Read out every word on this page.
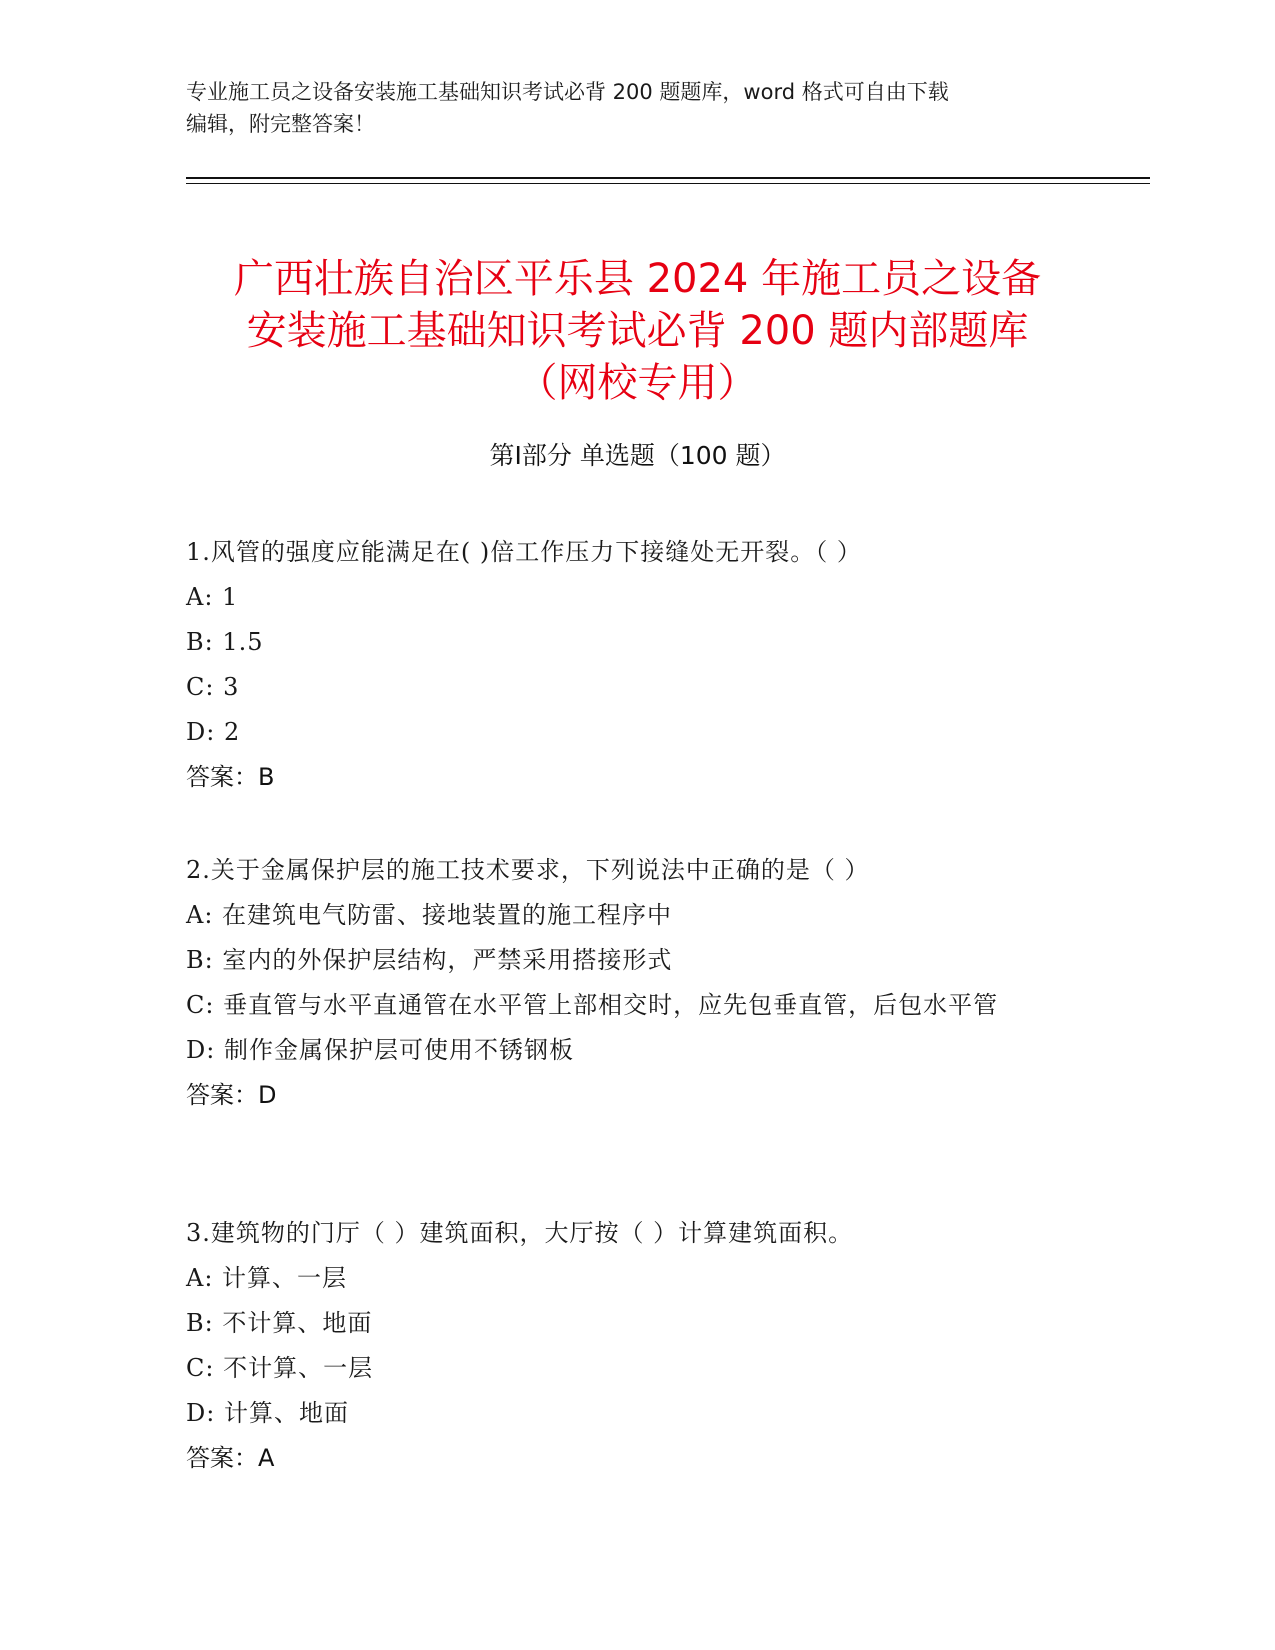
专业施工员之设备安装施工基础知识考试必背 200 题题库，word 格式可自由下载
编辑，附完整答案！
广西壮族自治区平乐县 2024 年施工员之设备
安装施工基础知识考试必背 200 题内部题库
（网校专用）
第Ⅰ部分 单选题（100 题）

1.风管的强度应能满足在( )倍工作压力下接缝处无开裂。（ ）

A: 1

B: 1.5

C: 3

D: 2

答案：B

2.关于金属保护层的施工技术要求，下列说法中正确的是（ ）

A: 在建筑电气防雷、接地装置的施工程序中

B: 室内的外保护层结构，严禁采用搭接形式

C: 垂直管与水平直通管在水平管上部相交时，应先包垂直管，后包水平管

D: 制作金属保护层可使用不锈钢板

答案：D

3.建筑物的门厅（ ）建筑面积，大厅按（ ）计算建筑面积。

A: 计算、一层

B: 不计算、地面

C: 不计算、一层

D: 计算、地面

答案：A
